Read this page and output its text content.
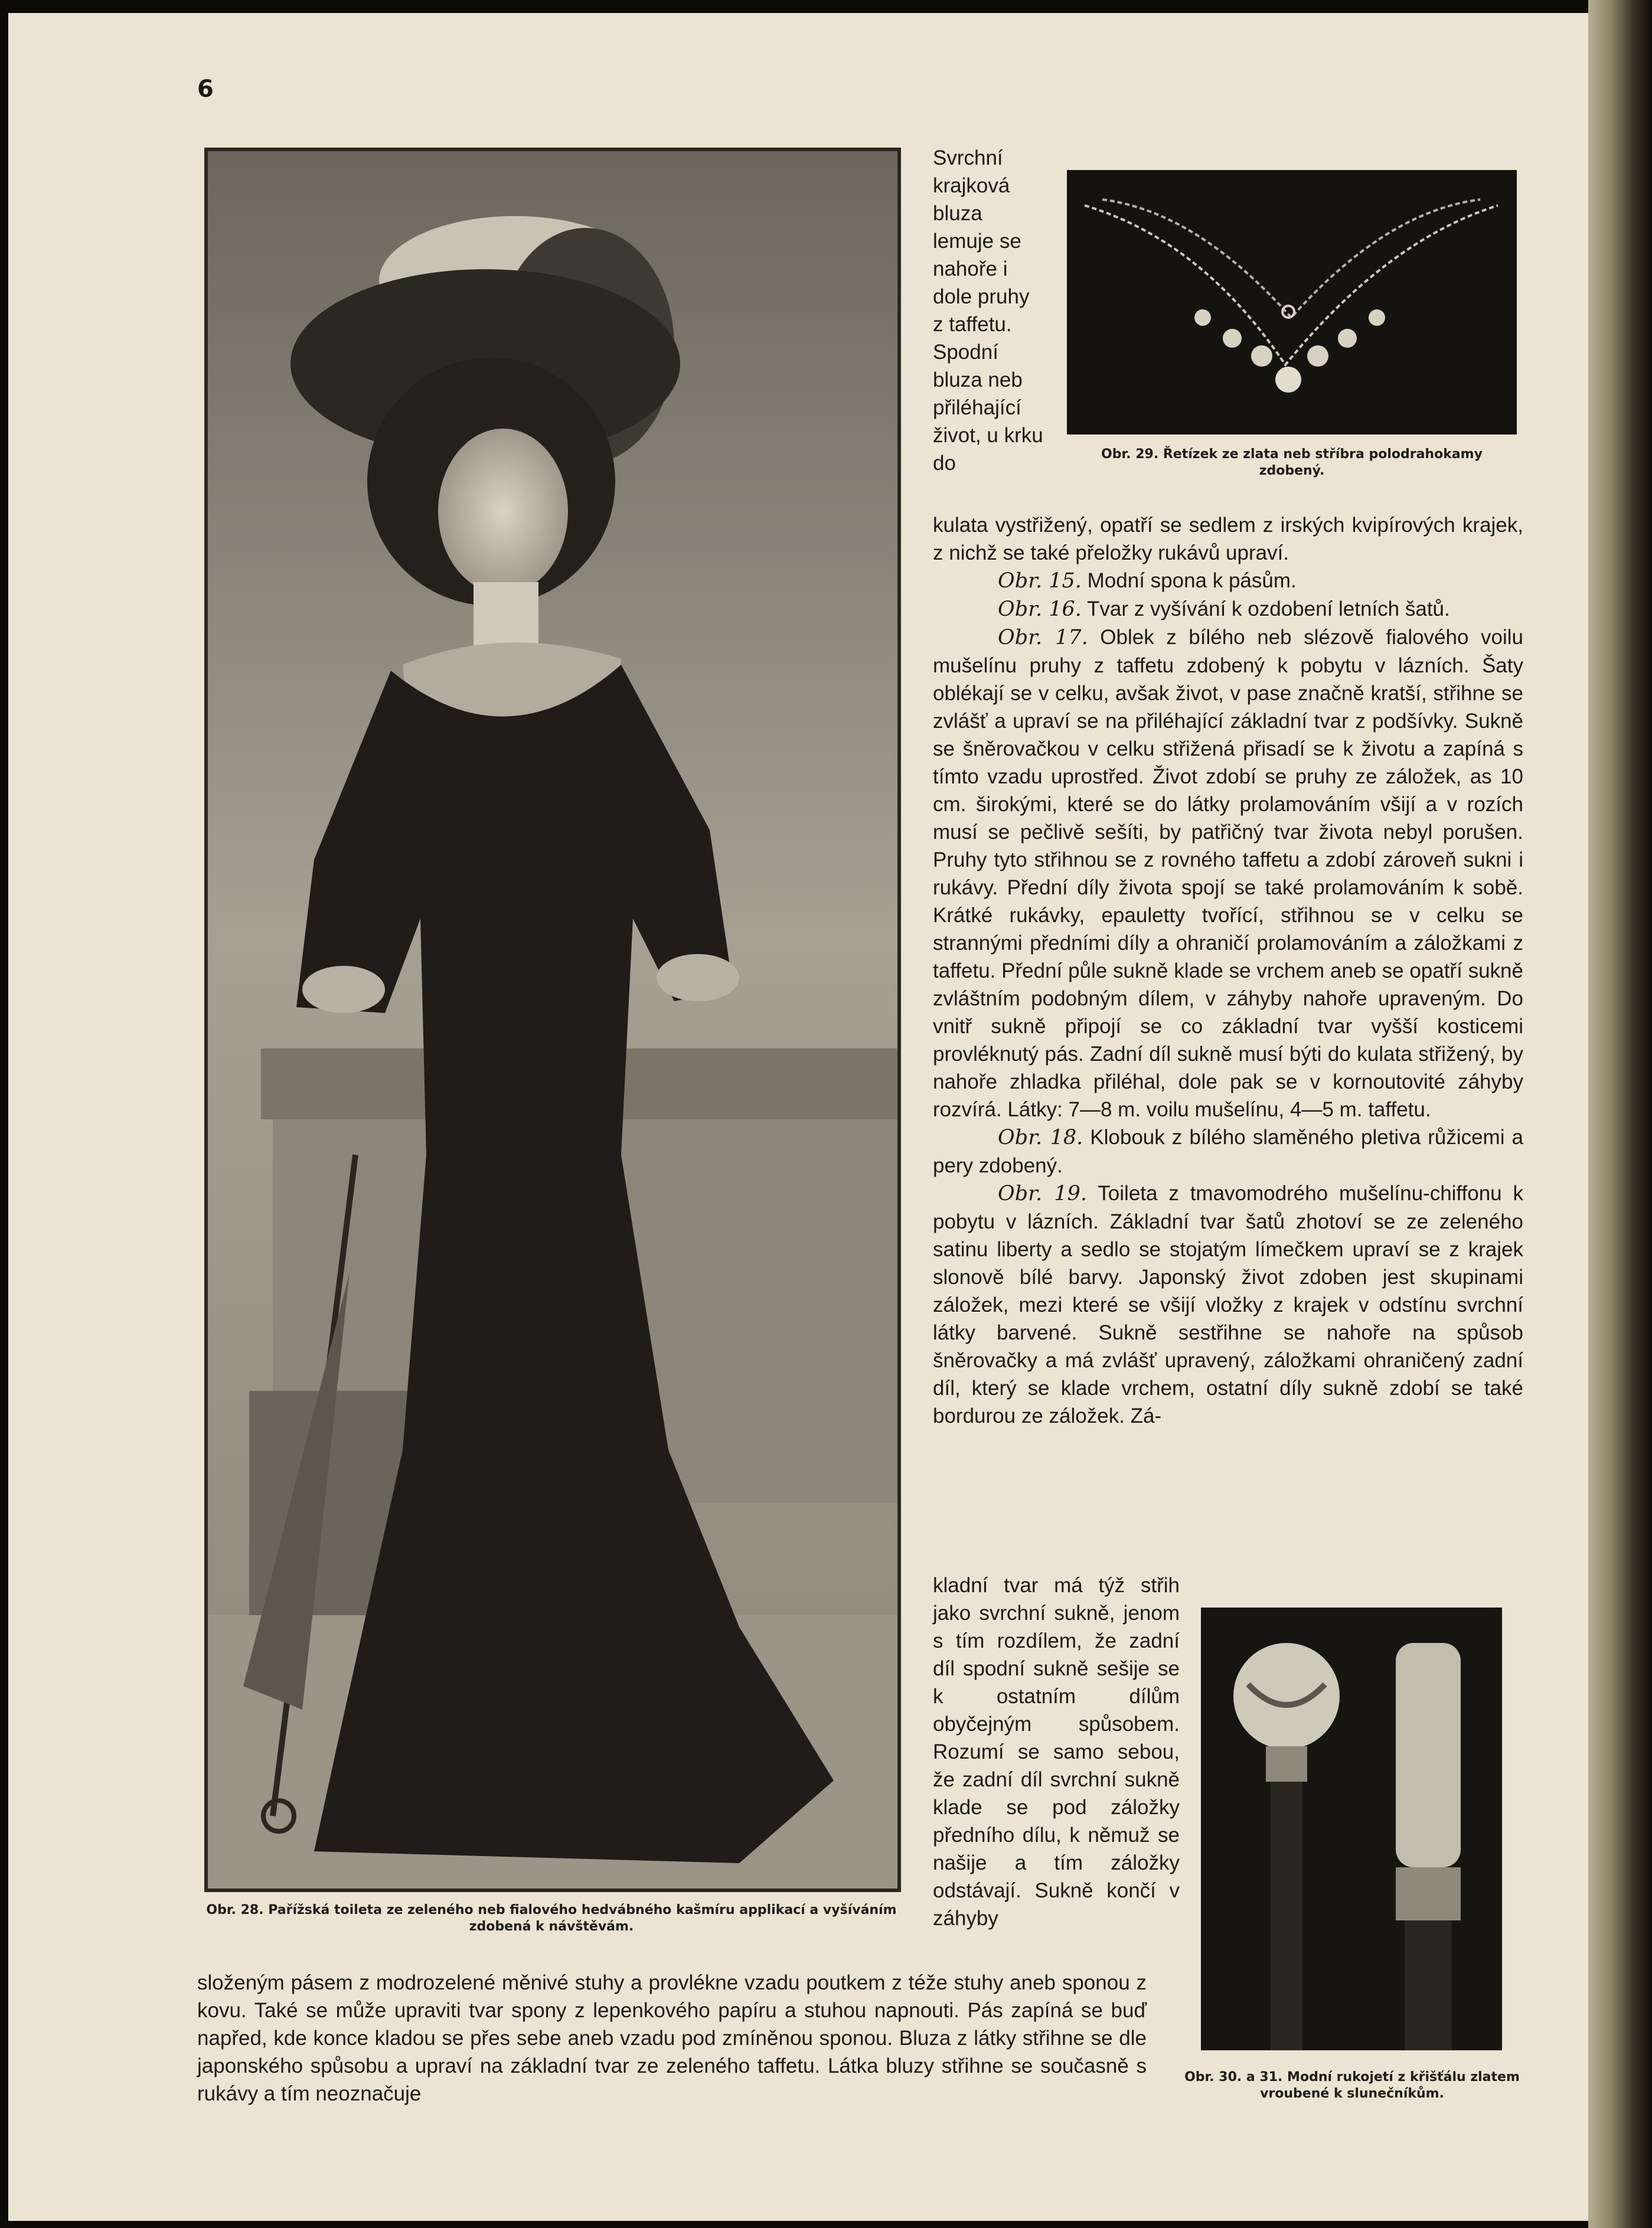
6
Obr. 28. Pařížská toileta ze zeleného neb fialového hedvábného kašmíru applikací a vyšíváním zdobená k návštěvám.
Obr. 29. Řetízek ze zlata neb stříbra polodrahokamy zdobený.
Obr. 30. a 31. Modní rukojetí z křišťálu zlatem vroubené k slunečníkům.
Svrchní krajková bluza lemuje se nahoře i dole pruhy z taffetu. Spodní bluza neb přiléhající život, u krku do

kulata vystřižený, opatří se sedlem z irských kvipírových krajek, z nichž se také přeložky rukávů upraví.

Obr. 15. Modní spona k pásům.

Obr. 16. Tvar z vyšívání k ozdobení letních šatů.

Obr. 17. Oblek z bílého neb slézově fialového voilu mušelínu pruhy z taffetu zdobený k pobytu v lázních. Šaty oblékají se v celku, avšak život, v pase značně kratší, střihne se zvlášť a upraví se na přiléhající základní tvar z podšívky. Sukně se šněrovačkou v celku střižená přisadí se k životu a zapíná s tímto vzadu uprostřed. Život zdobí se pruhy ze záložek, as 10 cm. širokými, které se do látky prolamováním všijí a v rozích musí se pečlivě sešíti, by patřičný tvar života nebyl porušen. Pruhy tyto střihnou se z rovného taffetu a zdobí zároveň sukni i rukávy. Přední díly života spojí se také prolamováním k sobě. Krátké rukávky, epauletty tvořící, střihnou se v celku se strannými předními díly a ohraničí prolamováním a záložkami z taffetu. Přední půle sukně klade se vrchem aneb se opatří sukně zvláštním podobným dílem, v záhyby nahoře upraveným. Do vnitř sukně připojí se co základní tvar vyšší kosticemi provléknutý pás. Zadní díl sukně musí býti do kulata střižený, by nahoře zhladka přiléhal, dole pak se v kornoutovité záhyby rozvírá. Látky: 7—8 m. voilu mušelínu, 4—5 m. taffetu.

Obr. 18. Klobouk z bílého slaměného pletiva růžicemi a pery zdobený.

Obr. 19. Toileta z tmavomodrého mušelínu-chiffonu k pobytu v lázních. Základní tvar šatů zhotoví se ze zeleného satinu liberty a sedlo se stojatým límečkem upraví se z krajek slonově bílé barvy. Japonský život zdoben jest skupinami záložek, mezi které se všijí vložky z krajek v odstínu svrchní látky barvené. Sukně sestřihne se nahoře na spůsob šněrovačky a má zvlášť upravený, záložkami ohraničený zadní díl, který se klade vrchem, ostatní díly sukně zdobí se také bordurou ze záložek. Zá-

kladní tvar má týž střih jako svrchní sukně, jenom s tím rozdílem, že zadní díl spodní sukně sešije se k ostatním dílům obyčejným spůsobem. Rozumí se samo sebou, že zadní díl svrchní sukně klade se pod záložky předního dílu, k němuž se našije a tím záložky odstávají. Sukně končí v záhyby
složeným pásem z modrozelené měnivé stuhy a provlékne vzadu poutkem z téže stuhy aneb sponou z kovu. Také se může upraviti tvar spony z lepenkového papíru a stuhou napnouti. Pás zapíná se buď napřed, kde konce kladou se přes sebe aneb vzadu pod zmíněnou sponou. Bluza z látky střihne se dle japonského spůsobu a upraví na základní tvar ze zeleného taffetu. Látka bluzy střihne se současně s rukávy a tím neoznačuje
